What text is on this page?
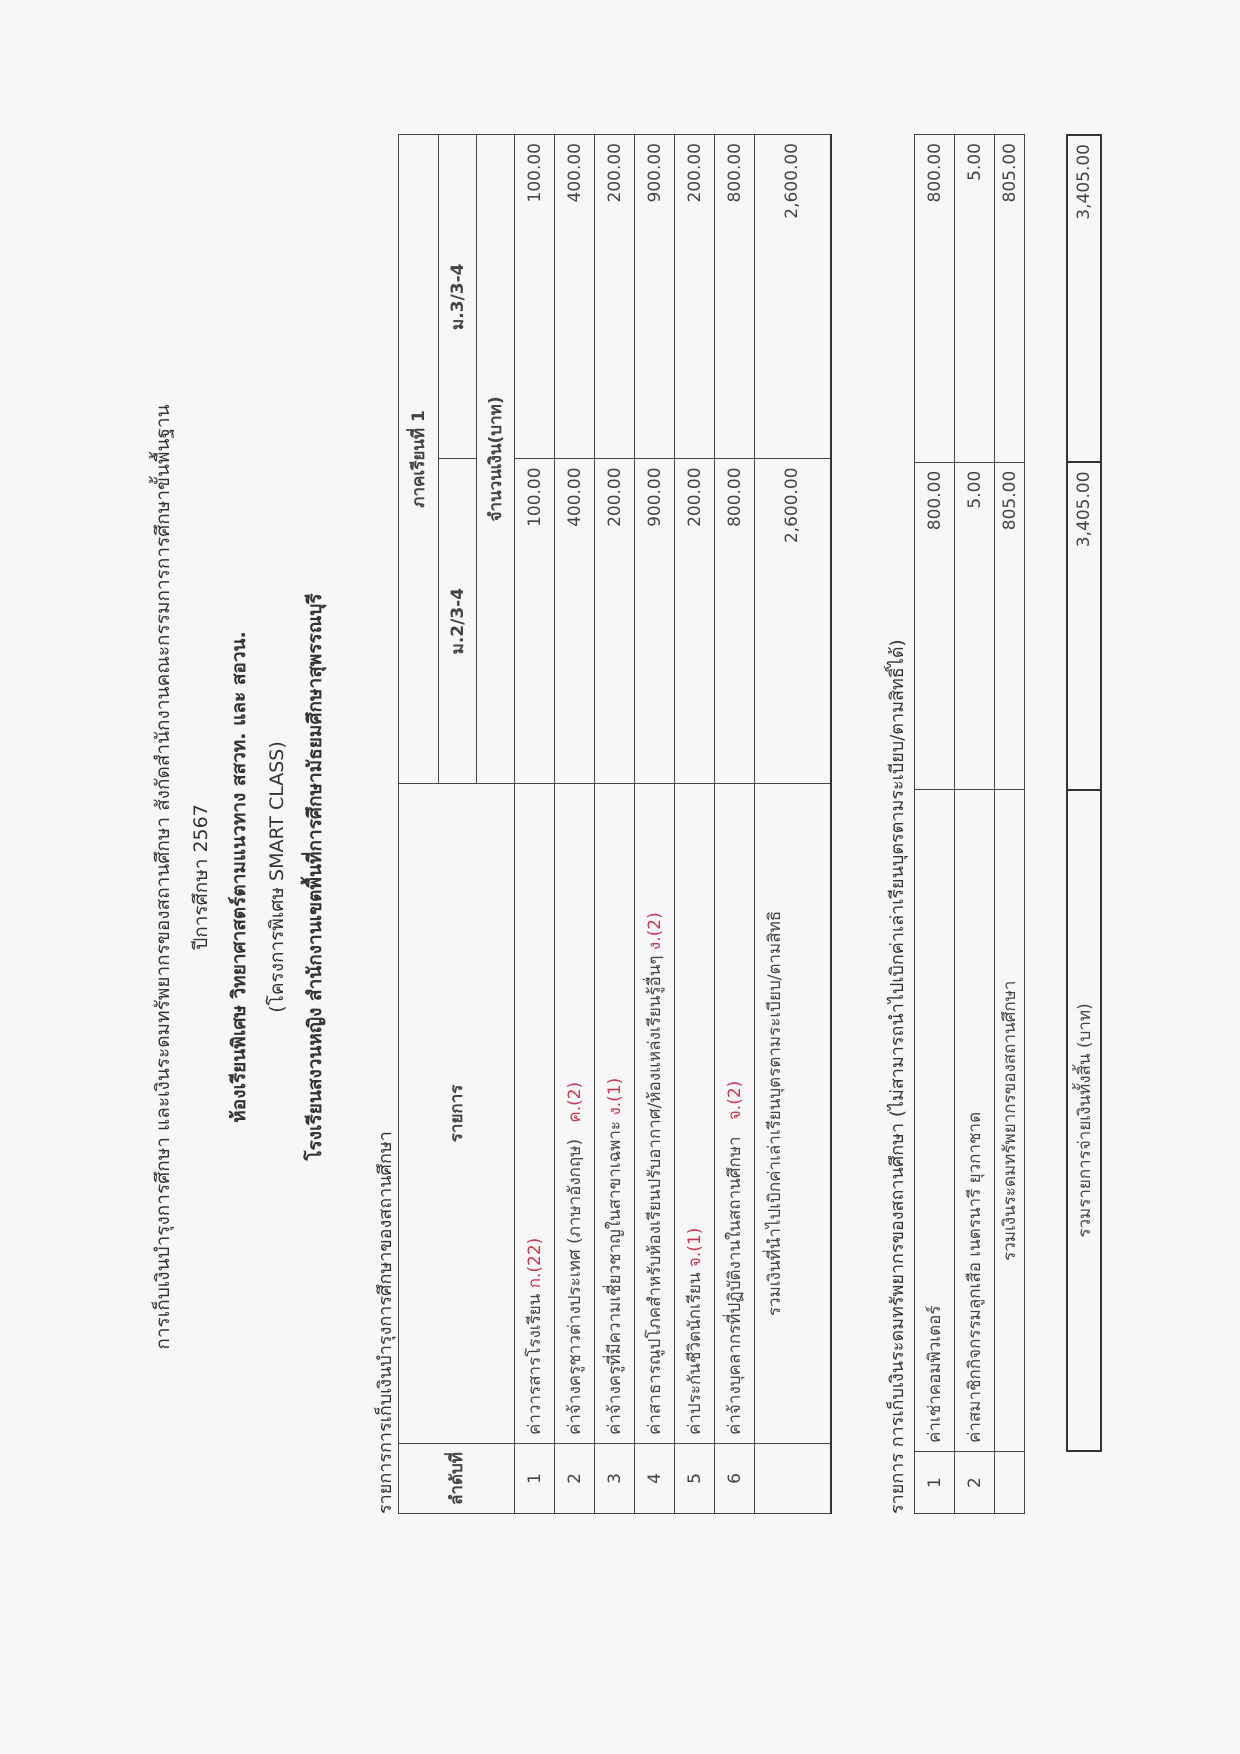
การเก็บเงินบำรุงการศึกษา และเงินระดมทรัพยากรของสถานศึกษา สังกัดสำนักงานคณะกรรมการการศึกษาขั้นพื้นฐาน ปีการศึกษา 2567 ห้องเรียนพิเศษ วิทยาศาสตร์ตามแนวทาง สสวท. และ สอวน. (โครงการพิเศษ SMART CLASS) โรงเรียนสงวนหญิง สำนักงานเขตพื้นที่การศึกษามัธยมศึกษาสุพรรณบุรี
รายการการเก็บเงินบำรุงการศึกษาของสถานศึกษา	ลำดับที่	รายการ	ภาคเรียนที่ 1	
		ม.2/3-4	ม.3/3-4
		จำนวนเงิน(บาท)	
1	ค่าวารสารโรงเรียน ก.(22)	100.00	100.00
2	ค่าจ้างครูชาวต่างประเทศ (ภาษาอังกฤษ)   ค.(2)	400.00	400.00
3	ค่าจ้างครูที่มีความเชี่ยวชาญในสาขาเฉพาะ ง.(1)	200.00	200.00
4	ค่าสาธารณูปโภคสำหรับห้องเรียนปรับอากาศ/ห้องแหล่งเรียนรู้อื่นๆ ง.(2)	900.00	900.00
5	ค่าประกันชีวิตนักเรียน จ.(1)	200.00	200.00
6	ค่าจ้างบุคลากรที่ปฏิบัติงานในสถานศึกษา   จ.(2)	800.00	800.00
	รวมเงินที่นำไปเบิกค่าเล่าเรียนบุตรตามระเบียบ/ตามสิทธิ	2,600.00	2,600.00
รายการ การเก็บเงินระดมทรัพยากรของสถานศึกษา (ไม่สามารถนำไปเบิกค่าเล่าเรียนบุตรตามระเบียบ/ตามสิทธิ์ได้) 1	ค่าเช่าคอมพิวเตอร์	800.00	800.00
2	ค่าสมาชิกกิจกรรมลูกเสือ เนตรนารี ยุวกาชาด	5.00	5.00
	รวมเงินระดมทรัพยากรของสถานศึกษา	805.00	805.00
รวมรายการจ่ายเงินทั้งสิ้น (บาท)	3,405.00	3,405.00
